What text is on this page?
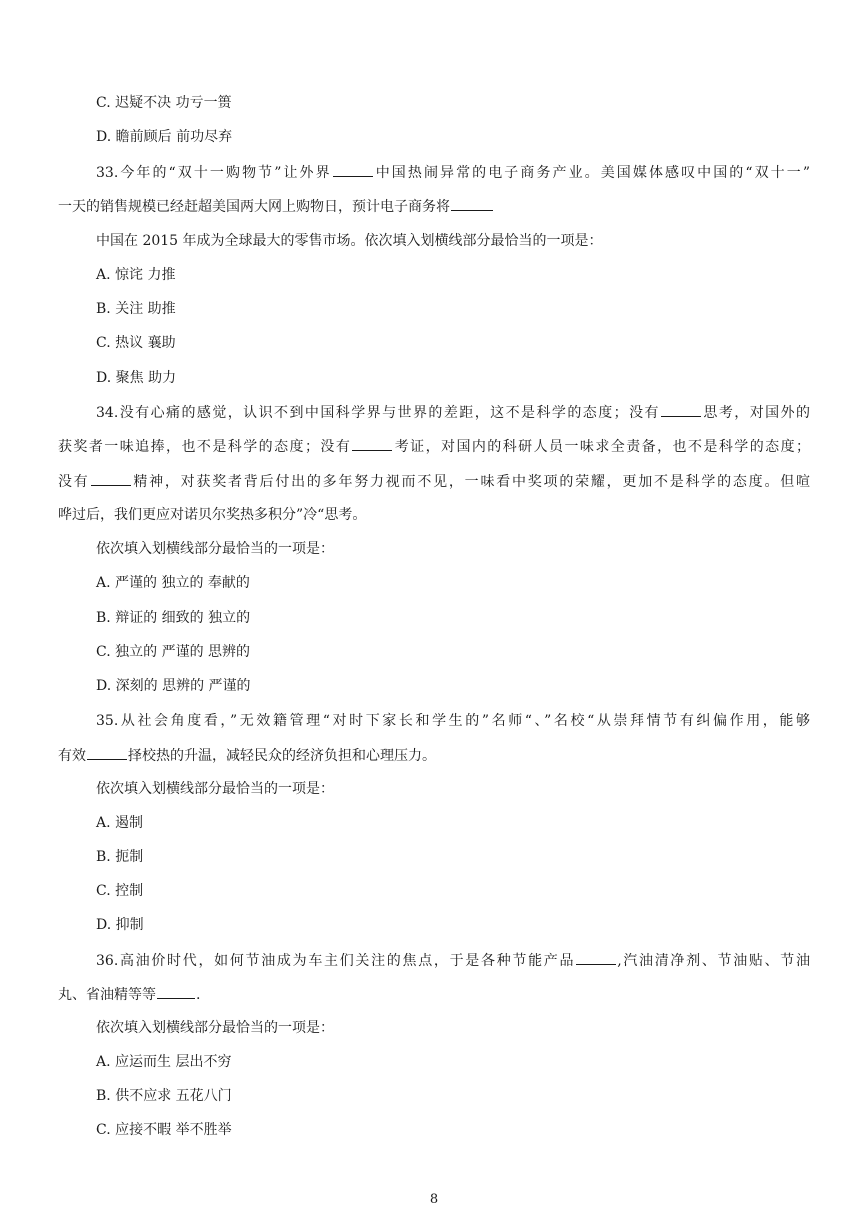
C. 迟疑不决 功亏一篑
D. 瞻前顾后 前功尽弃
33.今年的“双十一购物节”让外界	中国热闹异常的电子商务产业。美国媒体感叹中国的“双十一”
一天的销售规模已经赶超美国两大网上购物日，预计电子商务将
中国在 2015 年成为全球最大的零售市场。依次填入划横线部分最恰当的一项是：
A. 惊诧 力推
B. 关注 助推
C. 热议 襄助
D. 聚焦 助力
34.没有心痛的感觉，认识不到中国科学界与世界的差距，这不是科学的态度；没有	思考，对国外的
获奖者一味追捧，也不是科学的态度；没有	考证，对国内的科研人员一味求全责备，也不是科学的态度；
没有	精神，对获奖者背后付出的多年努力视而不见，一味看中奖项的荣耀，更加不是科学的态度。但喧
哗过后，我们更应对诺贝尔奖热多积分”冷“思考。
依次填入划横线部分最恰当的一项是：
A. 严谨的 独立的 奉献的
B. 辩证的 细致的 独立的
C. 独立的 严谨的 思辨的
D. 深刻的 思辨的 严谨的
35.从社会角度看，”无效籍管理“对时下家长和学生的”名师“、”名校“从崇拜情节有纠偏作用，能够
有效	择校热的升温，减轻民众的经济负担和心理压力。
依次填入划横线部分最恰当的一项是：
A. 遏制
B. 扼制
C. 控制
D. 抑制
36.高油价时代，如何节油成为车主们关注的焦点，于是各种节能产品	,汽油清净剂、节油贴、节油
丸、省油精等等	.
依次填入划横线部分最恰当的一项是：
A. 应运而生 层出不穷
B. 供不应求 五花八门
C. 应接不暇 举不胜举
8
